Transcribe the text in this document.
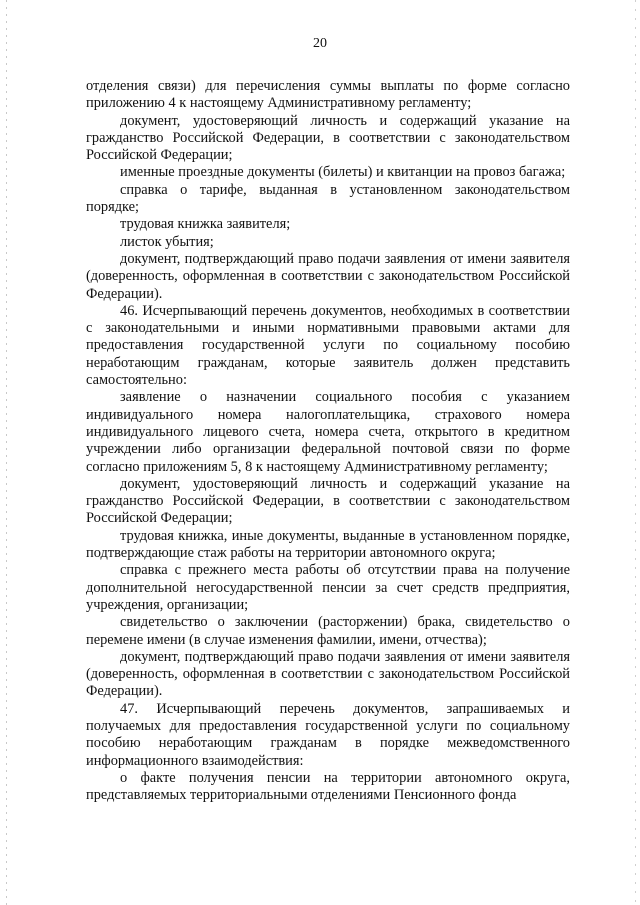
20

отделения связи) для перечисления суммы выплаты по форме согласно приложению 4 к настоящему Административному регламенту;

документ, удостоверяющий личность и содержащий указание на гражданство Российской Федерации, в соответствии с законодательством Российской Федерации;

именные проездные документы (билеты) и квитанции на провоз багажа;

справка о тарифе, выданная в установленном законодательством порядке;

трудовая книжка заявителя;

листок убытия;

документ, подтверждающий право подачи заявления от имени заявителя (доверенность, оформленная в соответствии с законодательством Российской Федерации).

46. Исчерпывающий перечень документов, необходимых в соответствии с законодательными и иными нормативными правовыми актами для предоставления государственной услуги по социальному пособию неработающим гражданам, которые заявитель должен представить самостоятельно:

заявление о назначении социального пособия с указанием индивидуального номера налогоплательщика, страхового номера индивидуального лицевого счета, номера счета, открытого в кредитном учреждении либо организации федеральной почтовой связи по форме согласно приложениям 5, 8 к настоящему Административному регламенту;

документ, удостоверяющий личность и содержащий указание на гражданство Российской Федерации, в соответствии с законодательством Российской Федерации;

трудовая книжка, иные документы, выданные в установленном порядке, подтверждающие стаж работы на территории автономного округа;

справка с прежнего места работы об отсутствии права на получение дополнительной негосударственной пенсии за счет средств предприятия, учреждения, организации;

свидетельство о заключении (расторжении) брака, свидетельство о перемене имени (в случае изменения фамилии, имени, отчества);

документ, подтверждающий право подачи заявления от имени заявителя (доверенность, оформленная в соответствии с законодательством Российской Федерации).

47. Исчерпывающий перечень документов, запрашиваемых и получаемых для предоставления государственной услуги по социальному пособию неработающим гражданам в порядке межведомственного информационного взаимодействия:

о факте получения пенсии на территории автономного округа, представляемых территориальными отделениями Пенсионного фонда
